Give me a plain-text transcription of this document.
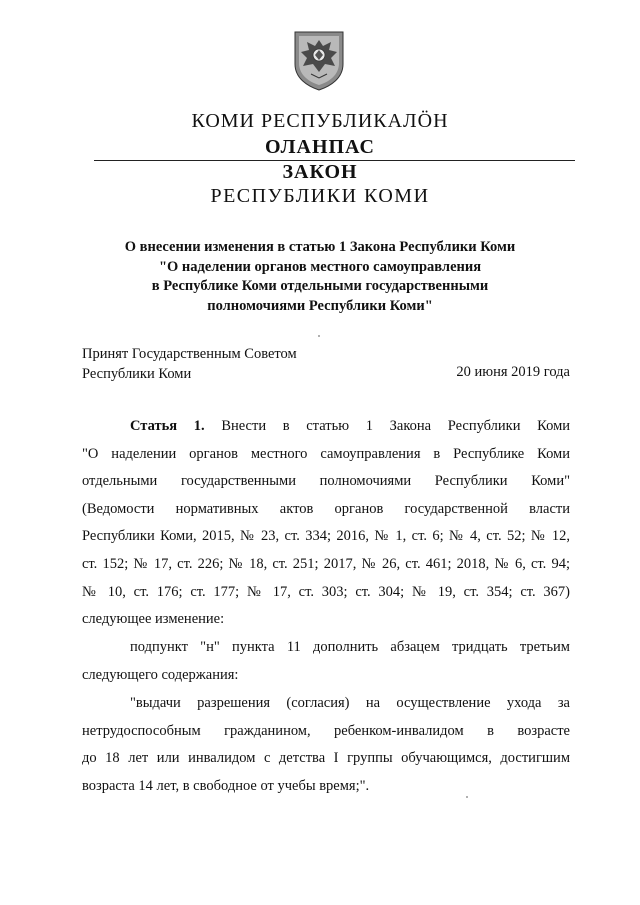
КОМИ РЕСПУБЛИКАЛӦН
ОЛАНПАС
ЗАКОН
РЕСПУБЛИКИ КОМИ
О внесении изменения в статью 1 Закона Республики Коми
"О наделении органов местного самоуправления
в Республике Коми отдельными государственными
полномочиями Республики Коми"
Принят Государственным Советом
Республики Коми	20 июня 2019 года
Статья 1. Внести в статью 1 Закона Республики Коми
"О наделении органов местного самоуправления в Республике Коми
отдельными государственными полномочиями Республики Коми"
(Ведомости нормативных актов органов государственной власти
Республики Коми, 2015, № 23, ст. 334; 2016, № 1, ст. 6; № 4, ст. 52; № 12,
ст. 152; № 17, ст. 226; № 18, ст. 251; 2017, № 26, ст. 461; 2018, № 6, ст. 94;
№ 10, ст. 176; ст. 177; № 17, ст. 303; ст. 304; № 19, ст. 354; ст. 367)
следующее изменение:
подпункт "н" пункта 11 дополнить абзацем тридцать третьим
следующего содержания:
"выдачи разрешения (согласия) на осуществление ухода за
нетрудоспособным гражданином, ребенком-инвалидом в возрасте
до 18 лет или инвалидом с детства I группы обучающимся, достигшим
возраста 14 лет, в свободное от учебы время;".
